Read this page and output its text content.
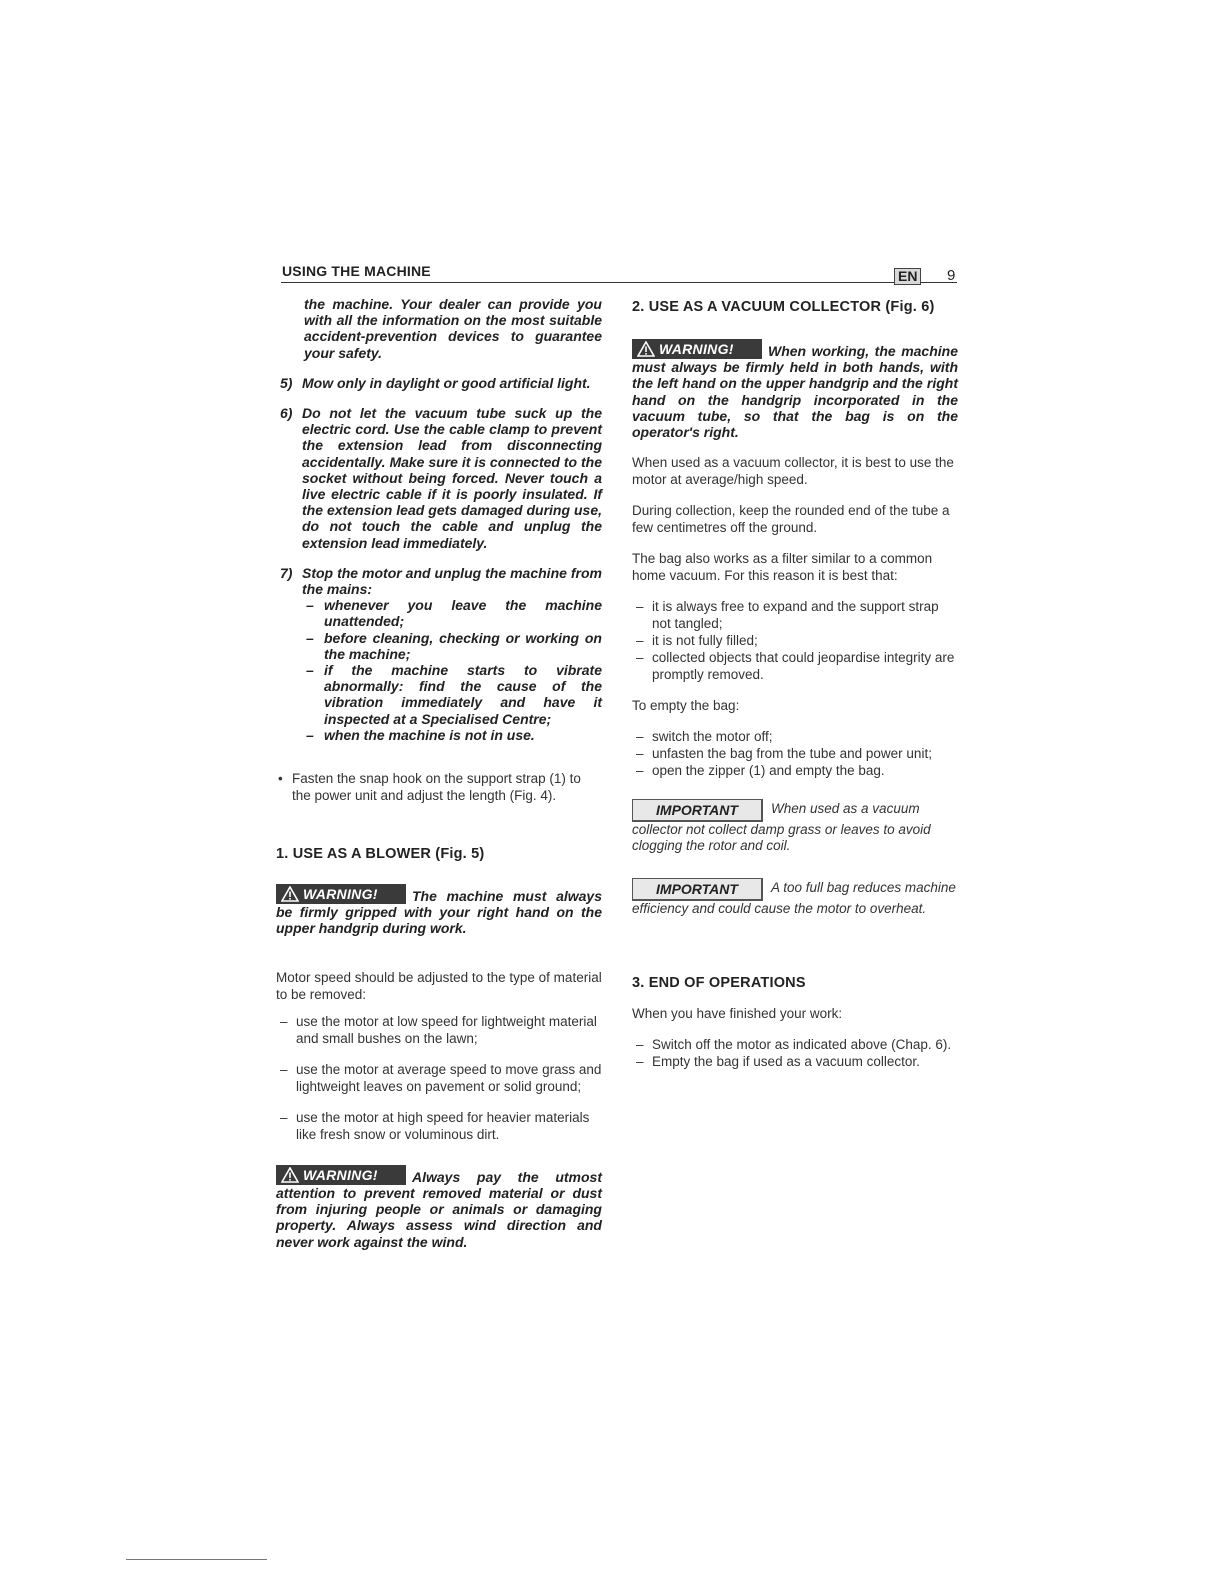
USING THE MACHINE	EN 9

the machine. Your dealer can provide you with all the information on the most suitable accident-prevention devices to guarantee your safety.

5) Mow only in daylight or good artificial light.
6) Do not let the vacuum tube suck up the electric cord. Use the cable clamp to prevent the extension lead from disconnecting accidentally. Make sure it is connected to the socket without being forced. Never touch a live electric cable if it is poorly insulated. If the extension lead gets damaged during use, do not touch the cable and unplug the extension lead immediately.
7) Stop the motor and unplug the machine from the mains:
– whenever you leave the machine unattended;
– before cleaning, checking or working on the machine;
– if the machine starts to vibrate abnormally: find the cause of the vibration immediately and have it inspected at a Specialised Centre;
– when the machine is not in use.
• Fasten the snap hook on the support strap (1) to the power unit and adjust the length (Fig. 4).
1. USE AS A BLOWER (Fig. 5)

WARNING! The machine must always be firmly gripped with your right hand on the upper handgrip during work.

Motor speed should be adjusted to the type of material to be removed:

– use the motor at low speed for lightweight material and small bushes on the lawn;
– use the motor at average speed to move grass and lightweight leaves on pavement or solid ground;
– use the motor at high speed for heavier materials like fresh snow or voluminous dirt.

WARNING! Always pay the utmost attention to prevent removed material or dust from injuring people or animals or damaging property. Always assess wind direction and never work against the wind.

2. USE AS A VACUUM COLLECTOR (Fig. 6)

WARNING! When working, the machine must always be firmly held in both hands, with the left hand on the upper handgrip and the right hand on the handgrip incorporated in the vacuum tube, so that the bag is on the operator's right.

When used as a vacuum collector, it is best to use the motor at average/high speed.

During collection, keep the rounded end of the tube a few centimetres off the ground.

The bag also works as a filter similar to a common home vacuum. For this reason it is best that:

– it is always free to expand and the support strap not tangled;
– it is not fully filled;
– collected objects that could jeopardise integrity are promptly removed.

To empty the bag:

– switch the motor off;
– unfasten the bag from the tube and power unit;
– open the zipper (1) and empty the bag.

IMPORTANT When used as a vacuum collector not collect damp grass or leaves to avoid clogging the rotor and coil.

IMPORTANT A too full bag reduces machine efficiency and could cause the motor to overheat.

3. END OF OPERATIONS

When you have finished your work:

– Switch off the motor as indicated above (Chap. 6).
– Empty the bag if used as a vacuum collector.
